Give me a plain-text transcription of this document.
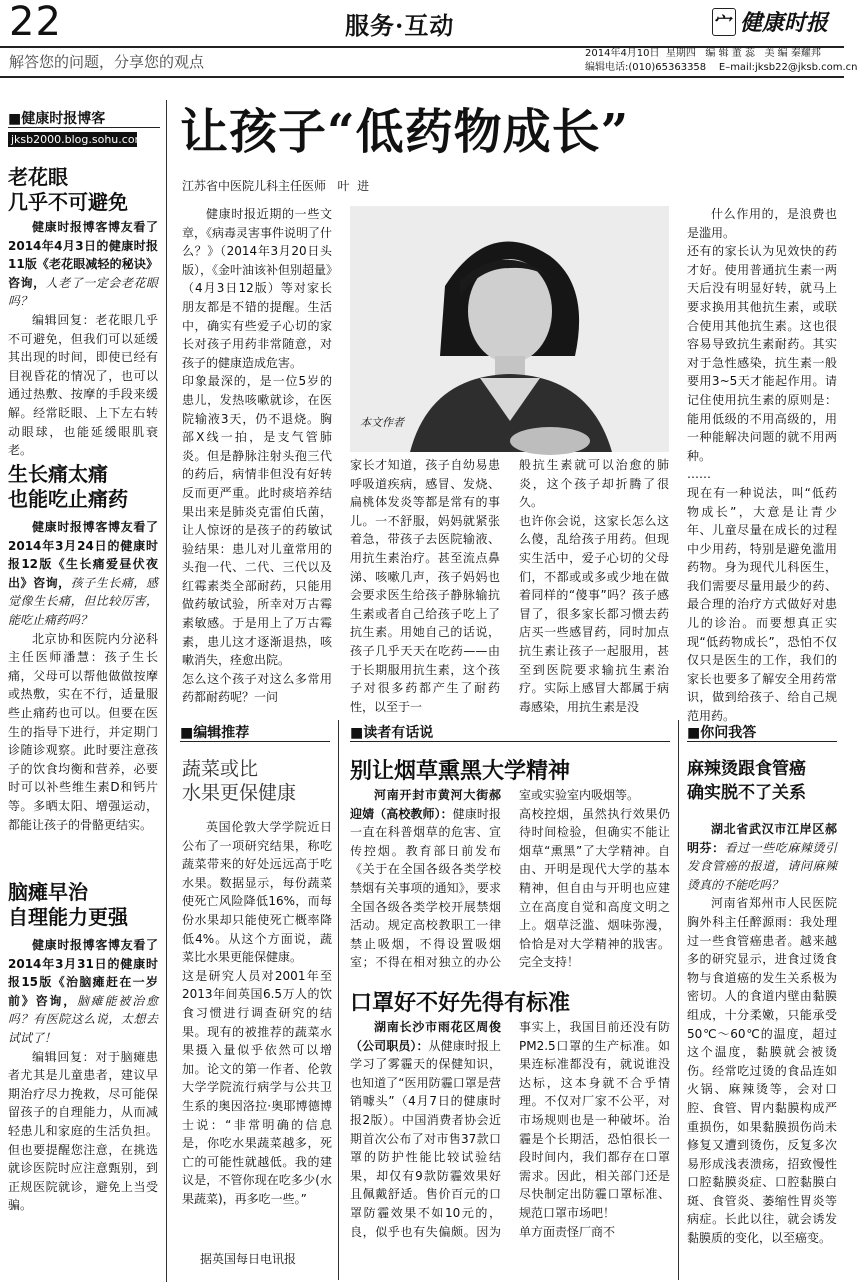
22	服务·互动	宀 健康时报
解答您的问题，分享您的观点	2014年4月10日  星期四   编 辑 董 蕊   美 编 秦耀邦
编辑电话:(010)65363358    E–mail:jksb22@jksb.com.cn
■健康时报博客
jksb2000.blog.sohu.com
老花眼
几乎不可避免

健康时报博客博友看了2014年4月3日的健康时报11版《老花眼减轻的秘诀》咨询，人老了一定会老花眼吗？

编辑回复：老花眼几乎不可避免，但我们可以延缓其出现的时间，即使已经有目视昏花的情况了，也可以通过热敷、按摩的手段来缓解。经常眨眼、上下左右转动眼球，也能延缓眼肌衰老。

生长痛太痛
也能吃止痛药

健康时报博客博友看了2014年3月24日的健康时报12版《生长痛爱昼伏夜出》咨询，孩子生长痛，感觉像生长痛，但比较厉害，能吃止痛药吗？

北京协和医院内分泌科主任医师潘慧：孩子生长痛，父母可以帮他做做按摩或热敷，实在不行，适量服些止痛药也可以。但要在医生的指导下进行，并定期门诊随诊观察。此时要注意孩子的饮食均衡和营养，必要时可以补些维生素D和钙片等。多晒太阳、增强运动，都能让孩子的骨骼更结实。

脑瘫早治
自理能力更强

健康时报博客博友看了2014年3月31日的健康时报15版《治脑瘫赶在一岁前》咨询，脑瘫能被治愈吗？有医院这么说，太想去试试了！

编辑回复：对于脑瘫患者尤其是儿童患者，建议早期治疗尽力挽救，尽可能保留孩子的自理能力，从而减轻患儿和家庭的生活负担。但也要提醒您注意，在挑选就诊医院时应注意甄别，到正规医院就诊，避免上当受骗。

让孩子“低药物成长”
江苏省中医院儿科主任医师   叶  进
健康时报近期的一些文章，《病毒灵害事件说明了什么？》（2014年3月20日头版），《金叶油该补但别超量》（4月3日12版）等对家长朋友都是不错的提醒。生活中，确实有些爱子心切的家长对孩子用药非常随意，对孩子的健康造成危害。
印象最深的，是一位5岁的患儿，发热咳嗽就诊，在医院输液3天，仍不退烧。胸部X线一拍，是支气管肺炎。但是静脉注射头孢三代的药后，病情非但没有好转反而更严重。此时痰培养结果出来是肺炎克雷伯氏菌，让人惊讶的是孩子的药敏试验结果：患儿对儿童常用的头孢一代、二代、三代以及红霉素类全部耐药，只能用做药敏试验，所幸对万古霉素敏感。于是用上了万古霉素，患儿这才逐渐退热，咳嗽消失，痊愈出院。
怎么这个孩子对这么多常用药都耐药呢？一问
本文作者
家长才知道，孩子自幼易患呼吸道疾病，感冒、发烧、扁桃体发炎等都是常有的事儿。一不舒服，妈妈就紧张着急，带孩子去医院输液、用抗生素治疗。甚至流点鼻涕、咳嗽几声，孩子妈妈也会要求医生给孩子静脉输抗生素或者自己给孩子吃上了抗生素。用她自己的话说，孩子几乎天天在吃药——由于长期服用抗生素，这个孩子对很多药都产生了耐药性，以至于一
般抗生素就可以治愈的肺炎，这个孩子却折腾了很久。
也许你会说，这家长怎么这么傻，乱给孩子用药。但现实生活中，爱子心切的父母们，不都或或多或少地在做着同样的“傻事”吗？孩子感冒了，很多家长都习惯去药店买一些感冒药，同时加点抗生素让孩子一起服用，甚至到医院要求输抗生素治疗。实际上感冒大都属于病毒感染，用抗生素是没
什么作用的，是浪费也是滥用。
还有的家长认为见效快的药才好。使用普通抗生素一两天后没有明显好转，就马上要求换用其他抗生素，或联合使用其他抗生素。这也很容易导致抗生素耐药。其实对于急性感染，抗生素一般要用3~5天才能起作用。请记住使用抗生素的原则是：能用低级的不用高级的，用一种能解决问题的就不用两种。
……
现在有一种说法，叫“低药物成长”，大意是让青少年、儿童尽量在成长的过程中少用药，特别是避免滥用药物。身为现代儿科医生，我们需要尽量用最少的药、最合理的治疗方式做好对患儿的诊治。而要想真正实现“低药物成长”，恐怕不仅仅只是医生的工作，我们的家长也要多了解安全用药常识，做到给孩子、给自己规范用药。
■编辑推荐
蔬菜或比
水果更保健康
英国伦敦大学学院近日公布了一项研究结果，称吃蔬菜带来的好处远远高于吃水果。数据显示，每份蔬菜使死亡风险降低16%，而每份水果却只能使死亡概率降低4%。从这个方面说，蔬菜比水果更能保健康。
这是研究人员对2001年至2013年间英国6.5万人的饮食习惯进行调查研究的结果。现有的被推荐的蔬菜水果摄入量似乎依然可以增加。论文的第一作者、伦敦大学学院流行病学与公共卫生系的奥因洛拉·奥耶博德博士说：“非常明确的信息是，你吃水果蔬菜越多，死亡的可能性就越低。我的建议是，不管你现在吃多少(水果蔬菜)，再多吃一些。”
据英国每日电讯报
■读者有话说
别让烟草熏黑大学精神

河南开封市黄河大街郝迎婧（高校教师）：健康时报一直在科普烟草的危害、宣传控烟。教育部日前发布《关于在全国各级各类学校禁烟有关事项的通知》，要求全国各级各类学校开展禁烟活动。规定高校教职工一律禁止吸烟，不得设置吸烟室；不得在相对独立的办公室或实验室内吸烟等。
高校控烟，虽然执行效果仍待时间检验，但确实不能让烟草“熏黑”了大学精神。自由、开明是现代大学的基本精神，但自由与开明也应建立在高度自觉和高度文明之上。烟草泛滥、烟味弥漫，恰恰是对大学精神的戕害。完全支持！

口罩好不好先得有标准

湖南长沙市雨花区周俊（公司职员）：从健康时报上学习了雾霾天的保健知识，也知道了“医用防霾口罩是营销噱头”（4月7日的健康时报2版）。中国消费者协会近期首次公布了对市售37款口罩的防护性能比较试验结果，却仅有9款防霾效果好且佩戴舒适。售价百元的口罩防霾效果不如10元的，良，似乎也有失偏颇。因为事实上，我国目前还没有防PM2.5口罩的生产标准。如果连标准都没有，就说谁没达标，这本身就不合乎情理。不仅对厂家不公平，对市场规则也是一种破坏。治霾是个长期活，恐怕很长一段时间内，我们都存在口罩需求。因此，相关部门还是尽快制定出防霾口罩标准、规范口罩市场吧！
单方面责怪厂商不

■你问我答
麻辣烫跟食管癌
确实脱不了关系

湖北省武汉市江岸区郝明芬：看过一些吃麻辣烫引发食管癌的报道，请问麻辣烫真的不能吃吗？

河南省郑州市人民医院胸外科主任醉源雨：我处理过一些食管癌患者。越来越多的研究显示，进食过烫食物与食道癌的发生关系极为密切。人的食道内壁由黏膜组成，十分柔嫩，只能承受50℃～60℃的温度，超过这个温度，黏膜就会被烫伤。经常吃过烫的食品连如火锅、麻辣烫等，会对口腔、食管、胃内黏膜构成严重损伤，如果黏膜损伤尚未修复又遭到烫伤，反复多次易形成浅表溃疡，招致慢性口腔黏膜炎症、口腔黏膜白斑、食管炎、萎缩性胃炎等病症。长此以往，就会诱发黏膜质的变化，以至癌变。
